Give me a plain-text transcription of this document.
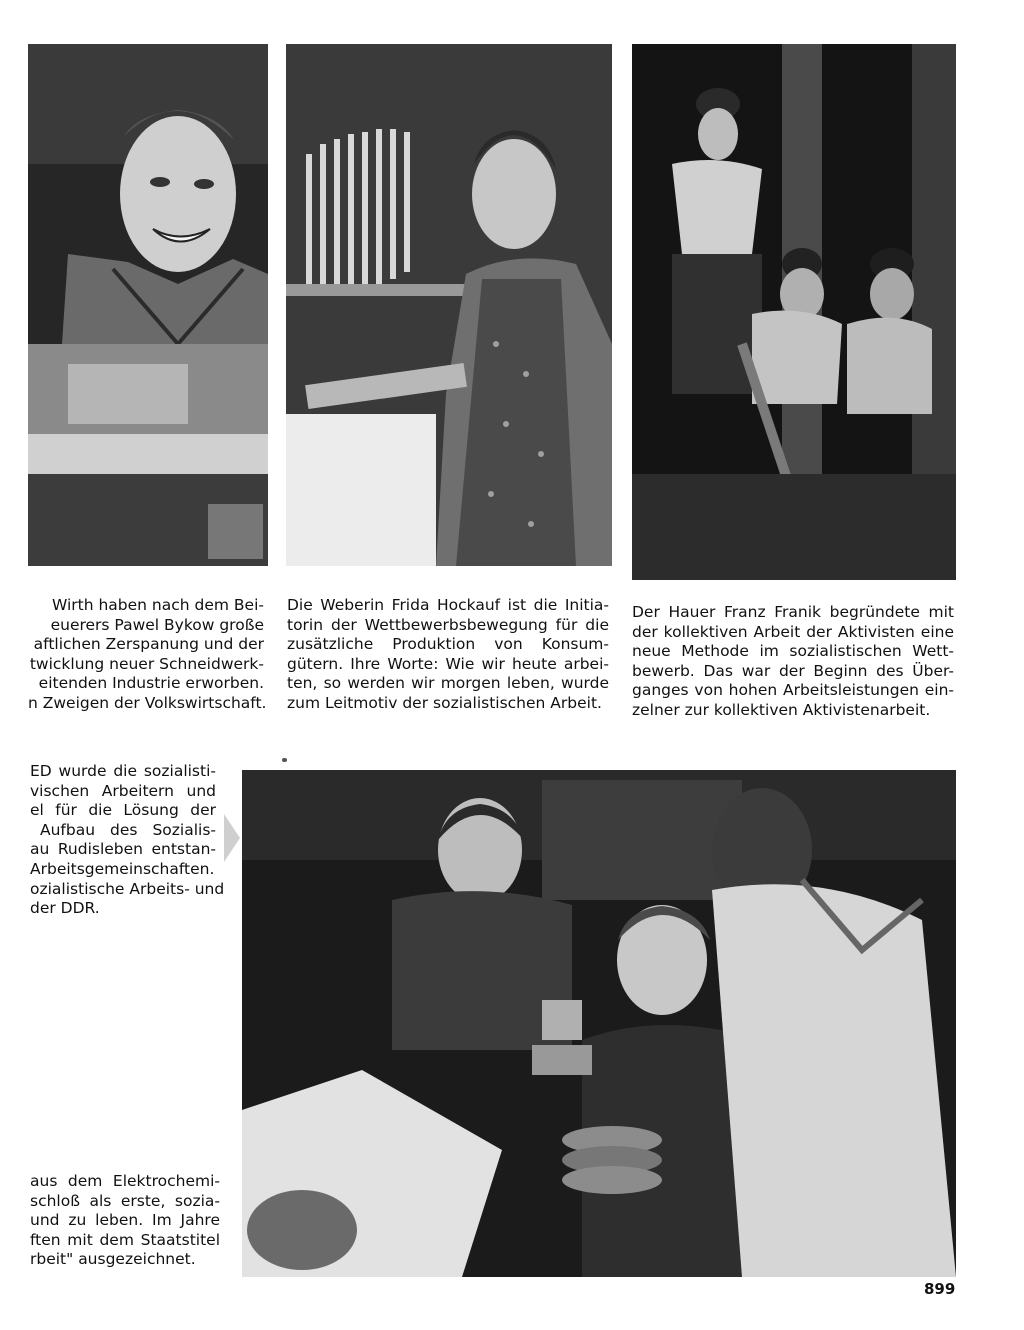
Wirth haben nach dem Bei-
euerers Pawel Bykow große
aftlichen Zerspanung und der
twicklung neuer Schneidwerk-
eitenden Industrie erworben.
n Zweigen der Volkswirtschaft.
Die Weberin Frida Hockauf ist die Initia-
torin der Wettbewerbsbewegung für die
zusätzliche Produktion von Konsum-
gütern. Ihre Worte: Wie wir heute arbei-
ten, so werden wir morgen leben, wurde
zum Leitmotiv der sozialistischen Arbeit.
Der Hauer Franz Franik begründete mit
der kollektiven Arbeit der Aktivisten eine
neue Methode im sozialistischen Wett-
bewerb. Das war der Beginn des Über-
ganges von hohen Arbeitsleistungen ein-
zelner zur kollektiven Aktivistenarbeit.
ED wurde die sozialisti-
vischen Arbeitern und
el für die Lösung der
Aufbau des Sozialis-
au Rudisleben entstan-
Arbeitsgemeinschaften.
ozialistische Arbeits- und
der DDR.
aus dem Elektrochemi-
schloß als erste, sozia-
und zu leben. Im Jahre
ften mit dem Staatstitel
rbeit" ausgezeichnet.
899
